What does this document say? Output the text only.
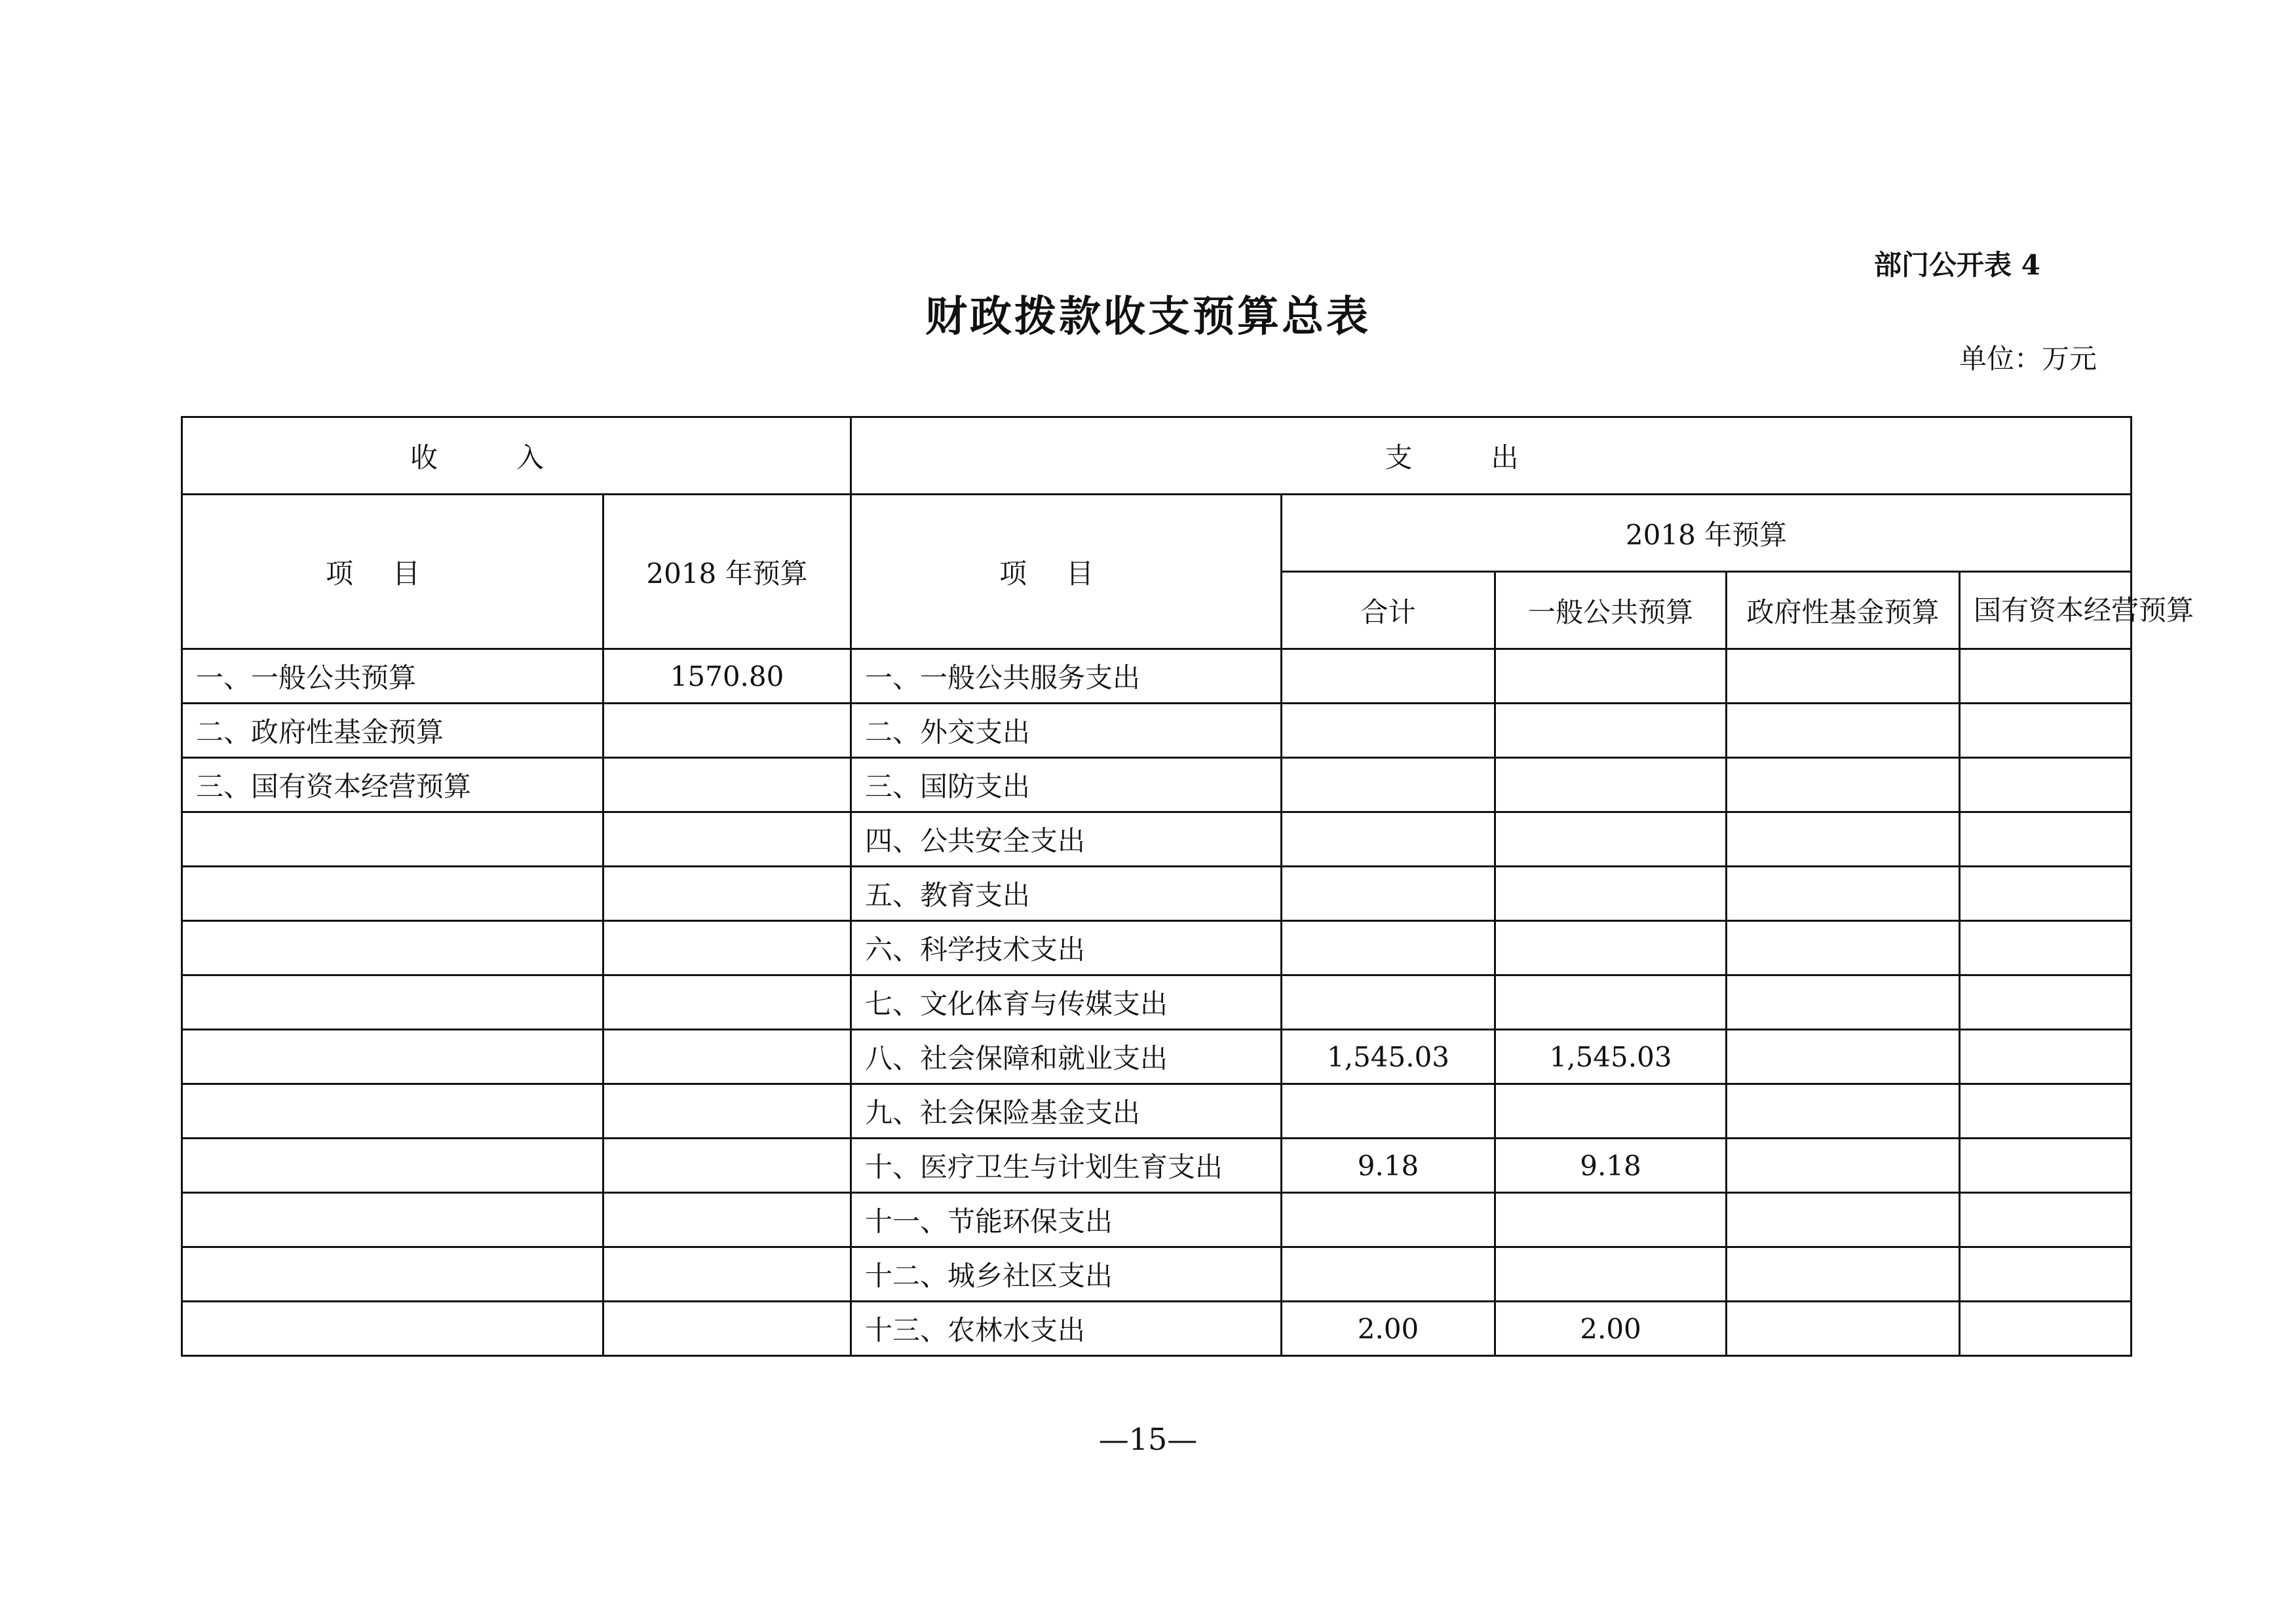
部门公开表 4
财政拨款收支预算总表
单位：万元
收入		支出				
项目	2018 年预算	项目	2018 年预算			
			合计	一般公共预算	政府性基金预算	国有资本经营预算
一、一般公共预算	1570.80	一、一般公共服务支出				
二、政府性基金预算		二、外交支出				
三、国有资本经营预算		三、国防支出				
		四、公共安全支出				
		五、教育支出				
		六、科学技术支出				
		七、文化体育与传媒支出				
		八、社会保障和就业支出	1,545.03	1,545.03		
		九、社会保险基金支出				
		十、医疗卫生与计划生育支出	9.18	9.18		
		十一、节能环保支出				
		十二、城乡社区支出				
		十三、农林水支出	2.00	2.00		
—15—
